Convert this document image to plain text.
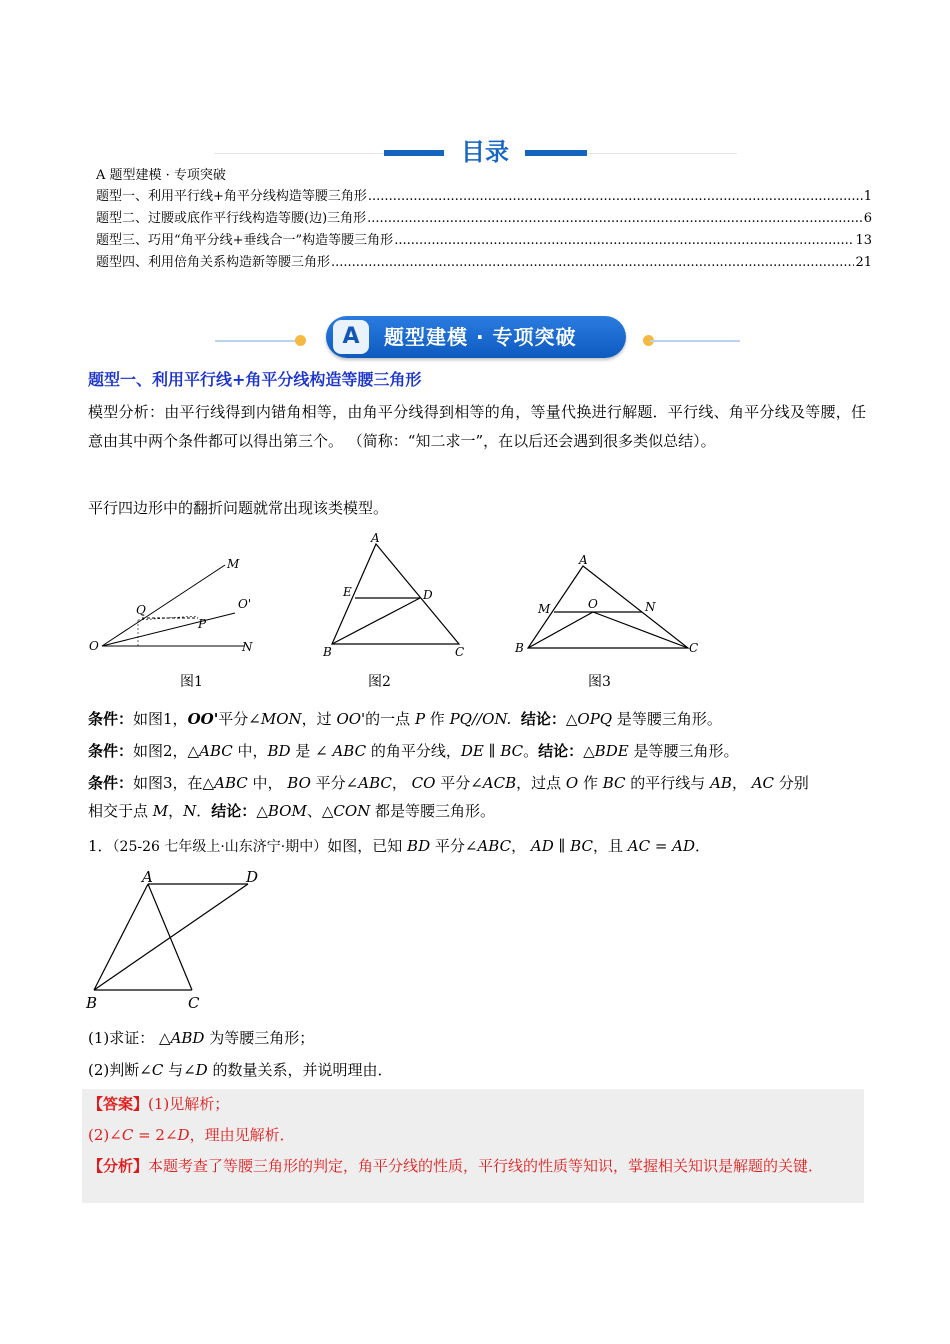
目录
A 题型建模 · 专项突破
题型一、利用平行线+角平分线构造等腰三角形 .....	1
题型二、过腰或底作平行线构造等腰(边)三角形 .....	6
题型三、巧用“角平分线+垂线合一”构造等腰三角形 .....	13
题型四、利用倍角关系构造新等腰三角形 .....	21
A	题型建模 · 专项突破
题型一、利用平行线+角平分线构造等腰三角形
模型分析：由平行线得到内错角相等，由角平分线得到相等的角，等量代换进行解题．平行线、角平分线及等腰，任意由其中两个条件都可以得出第三个。 （简称：“知二求一”，在以后还会遇到很多类似总结）。
平行四边形中的翻折问题就常出现该类模型。
M
O'
Q
P
O	N
图1
A
E	D
B	C
图2
A
M	O	N
B	C
图3
条件：如图1，OO'平分∠MON，过 OO'的一点 P 作 PQ//ON. 结论：△OPQ 是等腰三角形。
条件：如图2，△ABC 中，BD 是 ∠ ABC 的角平分线，DE ∥ BC。结论：△BDE 是等腰三角形。
条件：如图3，在△ABC 中， BO 平分∠ABC， CO 平分∠ACB，过点 O 作 BC 的平行线与 AB， AC 分别
相交于点 M，N．结论：△BOM、△CON 都是等腰三角形。
1．（25-26 七年级上·山东济宁·期中）如图，已知 BD 平分∠ABC， AD ∥ BC，且 AC = AD．
A	D
B	C
(1)求证： △ABD 为等腰三角形；
(2)判断∠C 与∠D 的数量关系，并说明理由．
【答案】(1)见解析；
(2)∠C = 2∠D，理由见解析．
【分析】本题考查了等腰三角形的判定，角平分线的性质，平行线的性质等知识，掌握相关知识是解题的关键．
